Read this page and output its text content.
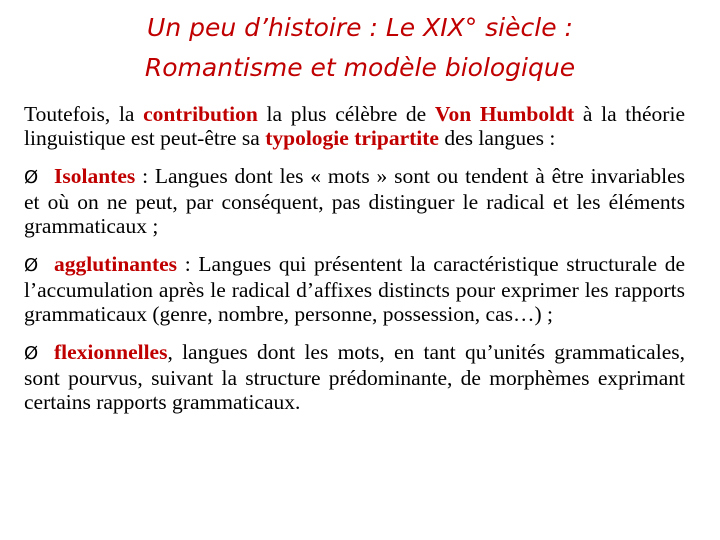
Un peu d’histoire : Le XIX° siècle :
Romantisme et modèle biologique

Toutefois, la contribution la plus célèbre de Von Humboldt à la théorie linguistique est peut-être sa typologie tripartite des langues :

Ø Isolantes : Langues dont les « mots » sont ou tendent à être invariables et où on ne peut, par conséquent, pas distinguer le radical et les éléments grammaticaux ;

Ø agglutinantes : Langues qui présentent la caractéristique structurale de l’accumulation après le radical d’affixes distincts pour exprimer les rapports grammaticaux (genre, nombre, personne, possession, cas…) ;

Ø flexionnelles, langues dont les mots, en tant qu’unités grammaticales, sont pourvus, suivant la structure prédominante, de morphèmes exprimant certains rapports grammaticaux.
